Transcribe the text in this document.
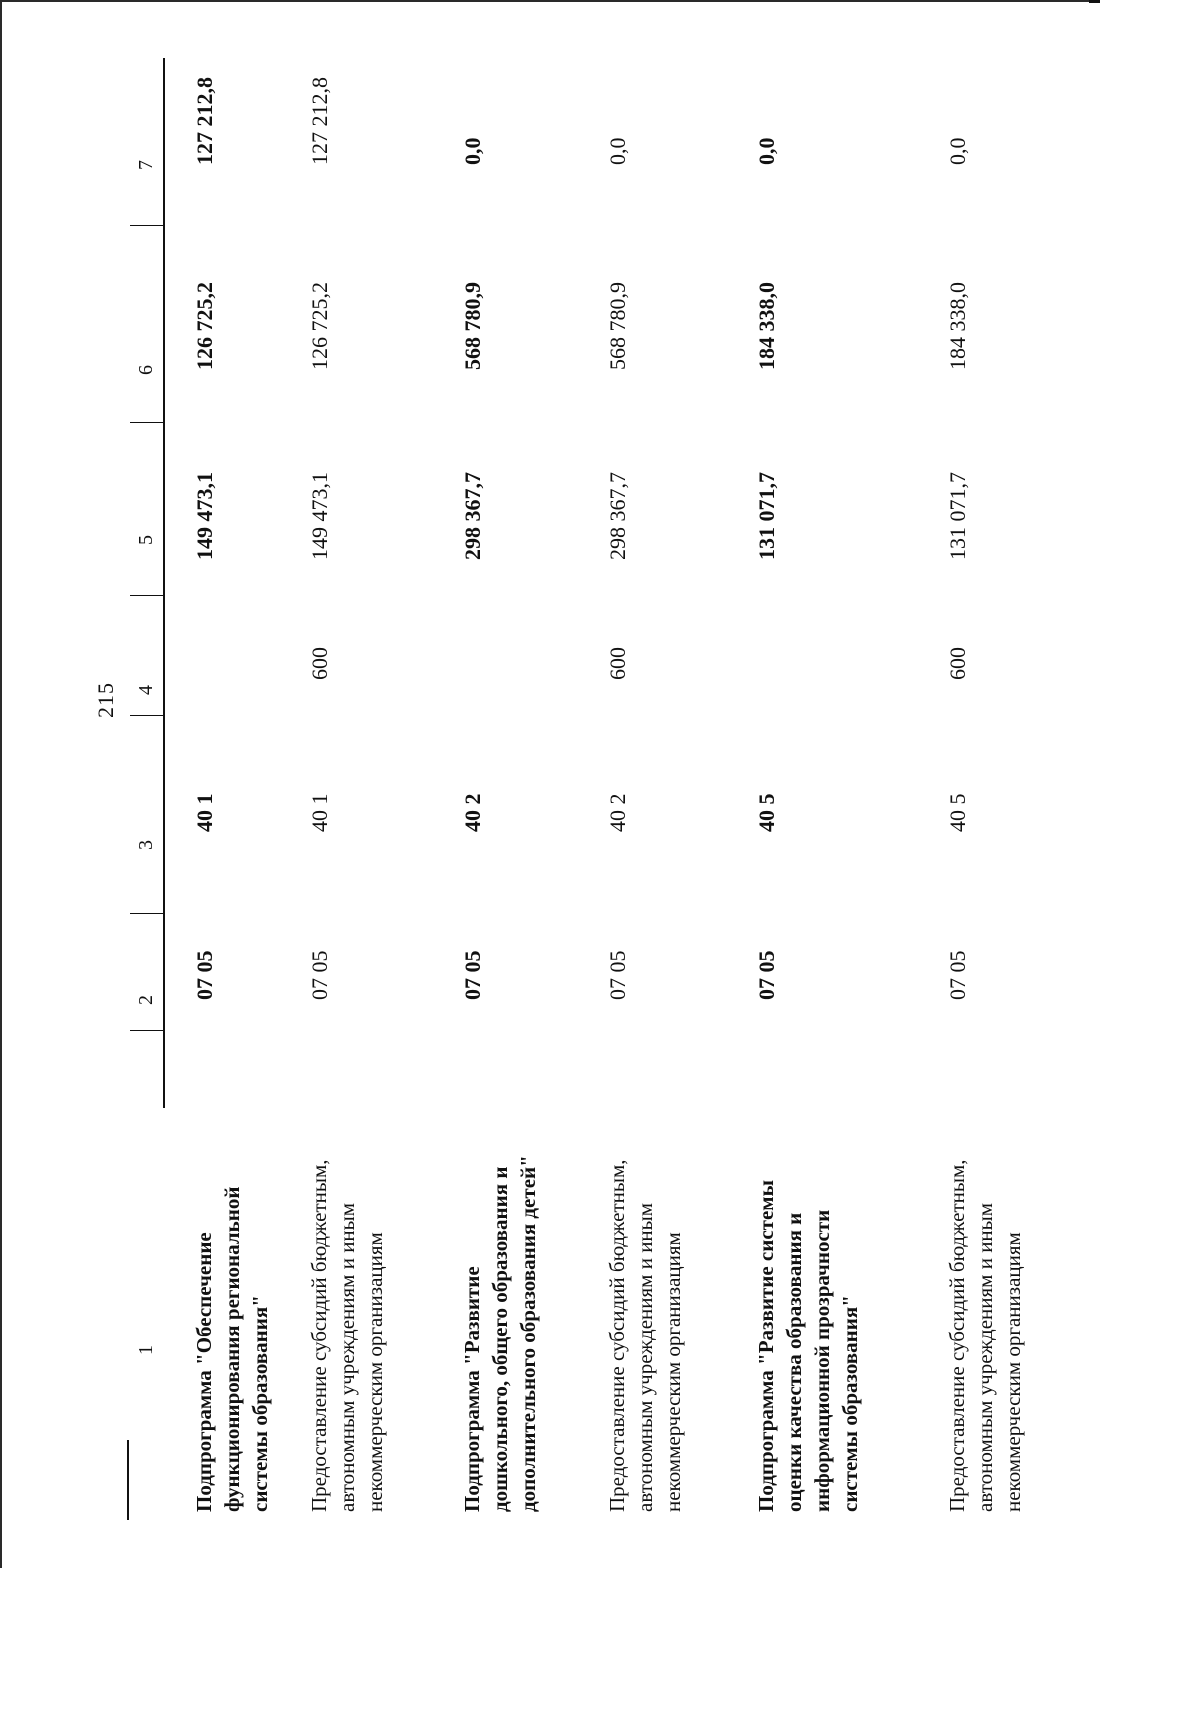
215
1
2
3
4
5
6
7
Подпрограмма "Обеспечение функционирования региональной системы образования"
07 05
40 1
149 473,1
126 725,2
127 212,8
Предоставление субсидий бюджетным, автономным учреждениям и иным некоммерческим организациям
07 05
40 1
600
149 473,1
126 725,2
127 212,8
Подпрограмма "Развитие дошкольного, общего образования и дополнительного образования детей"
07 05
40 2
298 367,7
568 780,9
0,0
Предоставление субсидий бюджетным, автономным учреждениям и иным некоммерческим организациям
07 05
40 2
600
298 367,7
568 780,9
0,0
Подпрограмма "Развитие системы оценки качества образования и информационной прозрачности системы образования"
07 05
40 5
131 071,7
184 338,0
0,0
Предоставление субсидий бюджетным, автономным учреждениям и иным некоммерческим организациям
07 05
40 5
600
131 071,7
184 338,0
0,0
